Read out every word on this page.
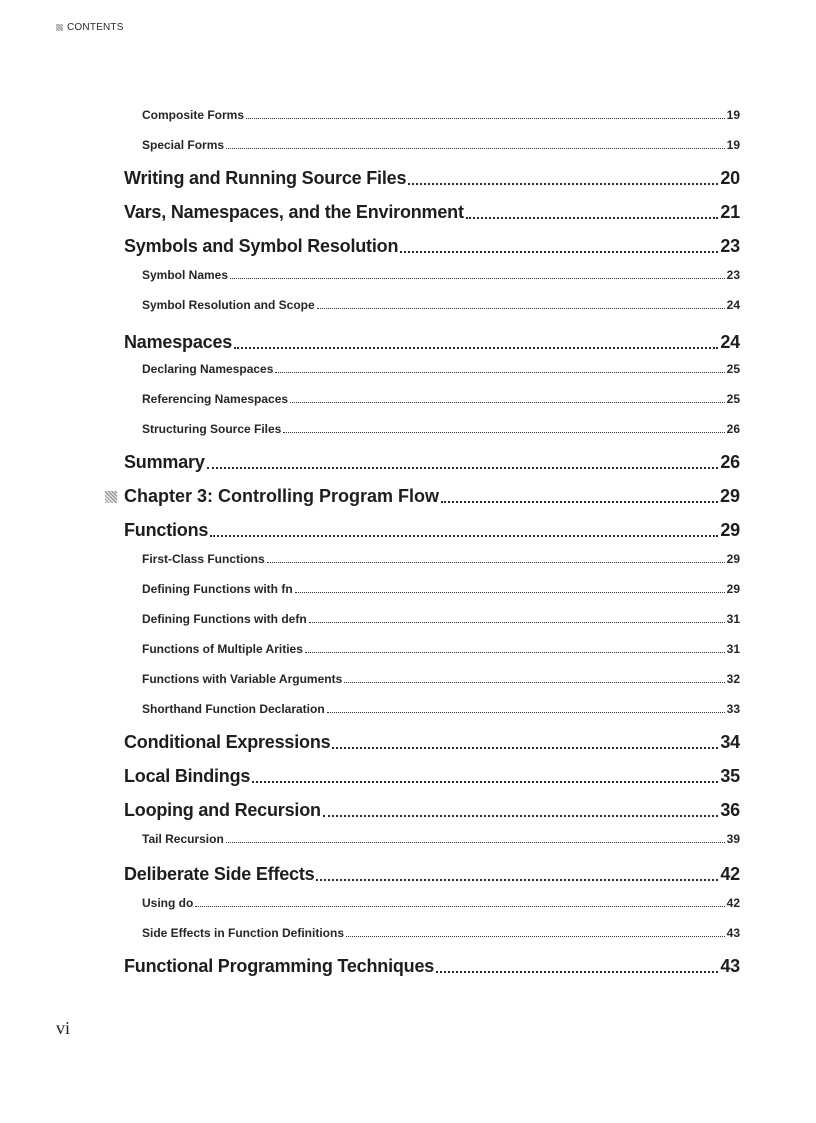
CONTENTS
Composite Forms	19
Special Forms	19
Writing and Running Source Files	20
Vars, Namespaces, and the Environment	21
Symbols and Symbol Resolution	23
Symbol Names	23
Symbol Resolution and Scope	24
Namespaces	24
Declaring Namespaces	25
Referencing Namespaces	25
Structuring Source Files	26
Summary	26
Chapter 3: Controlling Program Flow	29
Functions	29
First-Class Functions	29
Defining Functions with fn	29
Defining Functions with defn	31
Functions of Multiple Arities	31
Functions with Variable Arguments	32
Shorthand Function Declaration	33
Conditional Expressions	34
Local Bindings	35
Looping and Recursion	36
Tail Recursion	39
Deliberate Side Effects	42
Using do	42
Side Effects in Function Definitions	43
Functional Programming Techniques	43
vi
